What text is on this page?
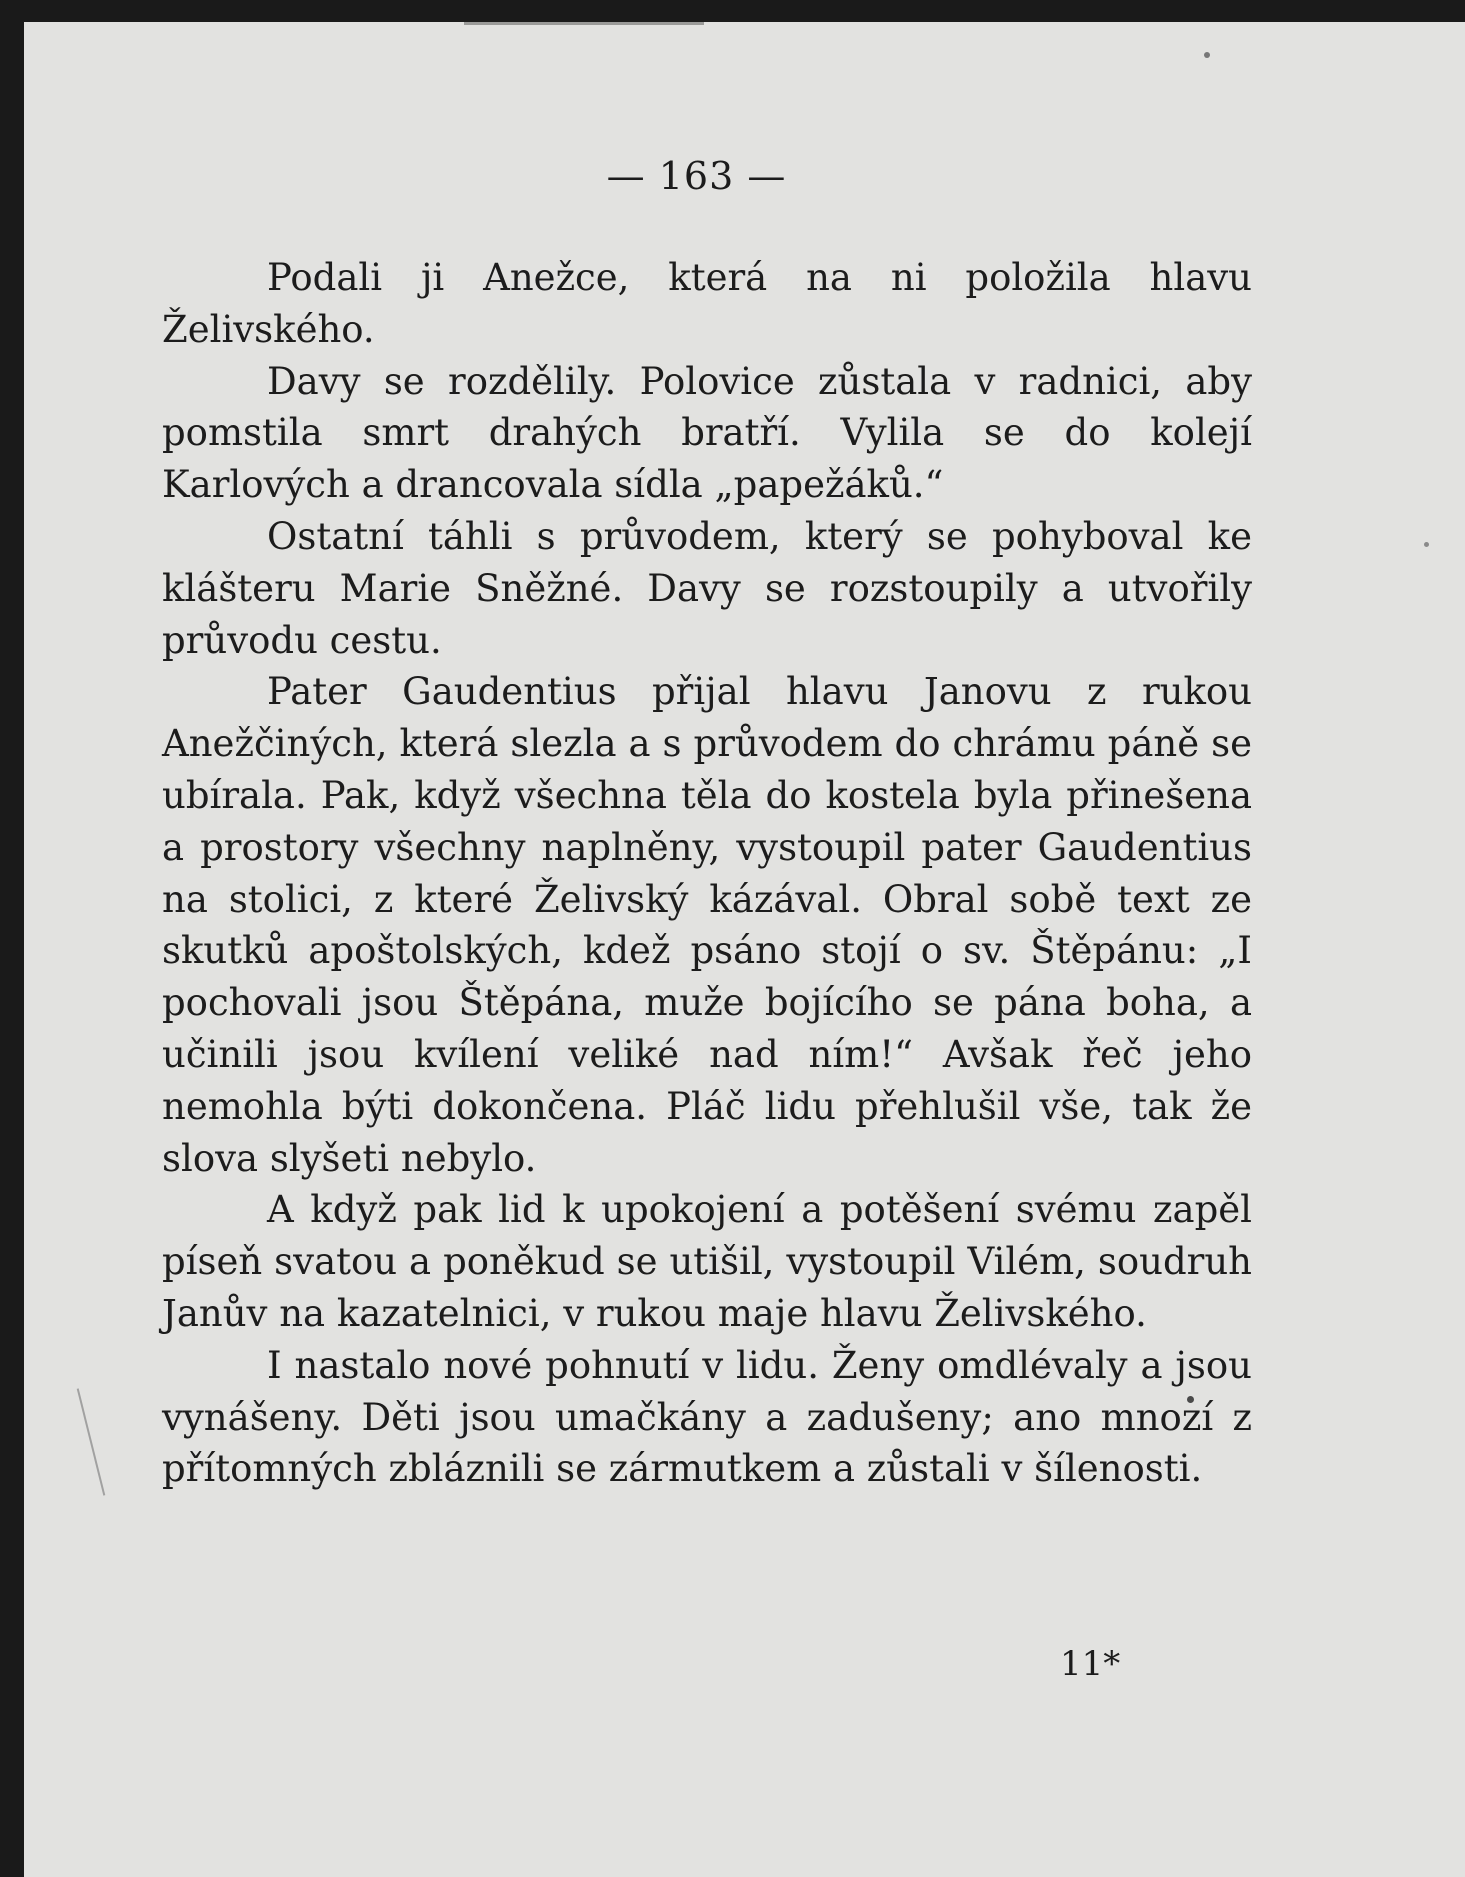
— 163 —

Podali ji Anežce, která na ni položila hlavu Želivského.

Davy se rozdělily. Polovice zůstala v radnici, aby pomstila smrt drahých bratří. Vylila se do kolejí Karlových a drancovala sídla „papežáků.“

Ostatní táhli s průvodem, který se pohyboval ke klášteru Marie Sněžné. Davy se rozstoupily a utvořily průvodu cestu.

Pater Gaudentius přijal hlavu Janovu z rukou Anežčiných, která slezla a s průvodem do chrámu páně se ubírala. Pak, když všechna těla do kostela byla přinešena a prostory všechny naplněny, vystoupil pater Gaudentius na stolici, z které Želivský kázával. Obral sobě text ze skutků apoštolských, kdež psáno stojí o sv. Štěpánu: „I pochovali jsou Štěpána, muže bojícího se pána boha, a učinili jsou kvílení veliké nad ním!“ Avšak řeč jeho nemohla býti dokončena. Pláč lidu přehlušil vše, tak že slova slyšeti nebylo.

A když pak lid k upokojení a potěšení svému zapěl píseň svatou a poněkud se utišil, vystoupil Vilém, soudruh Janův na kazatelnici, v rukou maje hlavu Želivského.

I nastalo nové pohnutí v lidu. Ženy omdlévaly a jsou vynášeny. Děti jsou umačkány a zadušeny; ano mnozí z přítomných zbláznili se zármutkem a zůstali v šílenosti.

11*
